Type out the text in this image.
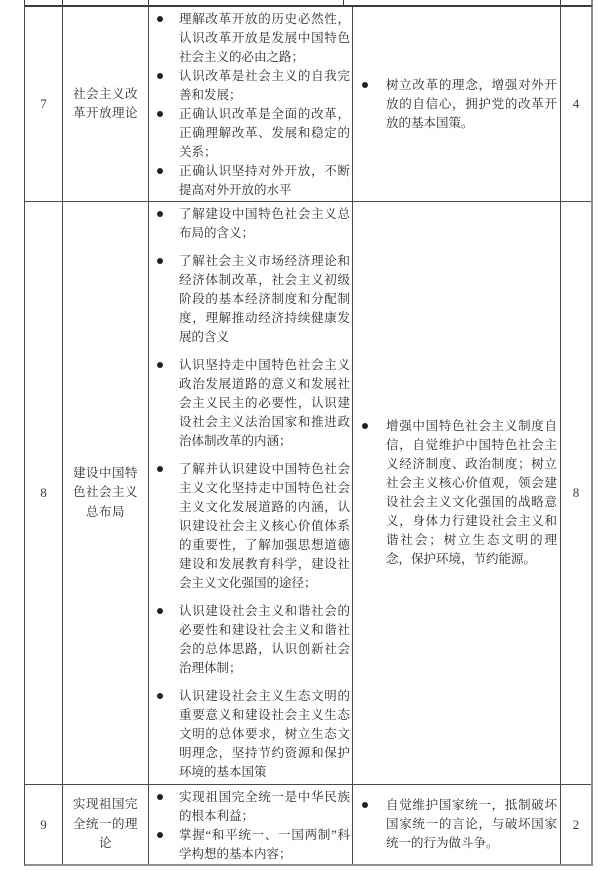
7
社会主义改革开放理论
理解改革开放的历史必然性，认识改革开放是发展中国特色社会主义的必由之路；
认识改革是社会主义的自我完善和发展；
正确认识改革是全面的改革，正确理解改革、发展和稳定的关系；
正确认识坚持对外开放，不断提高对外开放的水平
树立改革的理念，增强对外开放的自信心，拥护党的改革开放的基本国策。
4
8
建设中国特色社会主义总布局
了解建设中国特色社会主义总布局的含义；
了解社会主义市场经济理论和经济体制改革，社会主义初级阶段的基本经济制度和分配制度，理解推动经济持续健康发展的含义
认识坚持走中国特色社会主义政治发展道路的意义和发展社会主义民主的必要性，认识建设社会主义法治国家和推进政治体制改革的内涵；
了解并认识建设中国特色社会主义文化坚持走中国特色社会主义文化发展道路的内涵，认识建设社会主义核心价值体系的重要性，了解加强思想道德建设和发展教育科学，建设社会主义文化强国的途径；
认识建设社会主义和谐社会的必要性和建设社会主义和谐社会的总体思路，认识创新社会治理体制；
认识建设社会主义生态文明的重要意义和建设社会主义生态文明的总体要求，树立生态文明理念，坚持节约资源和保护环境的基本国策
增强中国特色社会主义制度自信，自觉维护中国特色社会主义经济制度、政治制度；树立社会主义核心价值观，领会建设社会主义文化强国的战略意义，身体力行建设社会主义和谐社会；树立生态文明的理念，保护环境，节约能源。
8
9
实现祖国完全统一的理论
实现祖国完全统一是中华民族的根本利益；
掌握“和平统一、一国两制”科学构想的基本内容；
自觉维护国家统一，抵制破坏国家统一的言论，与破坏国家统一的行为做斗争。
2
